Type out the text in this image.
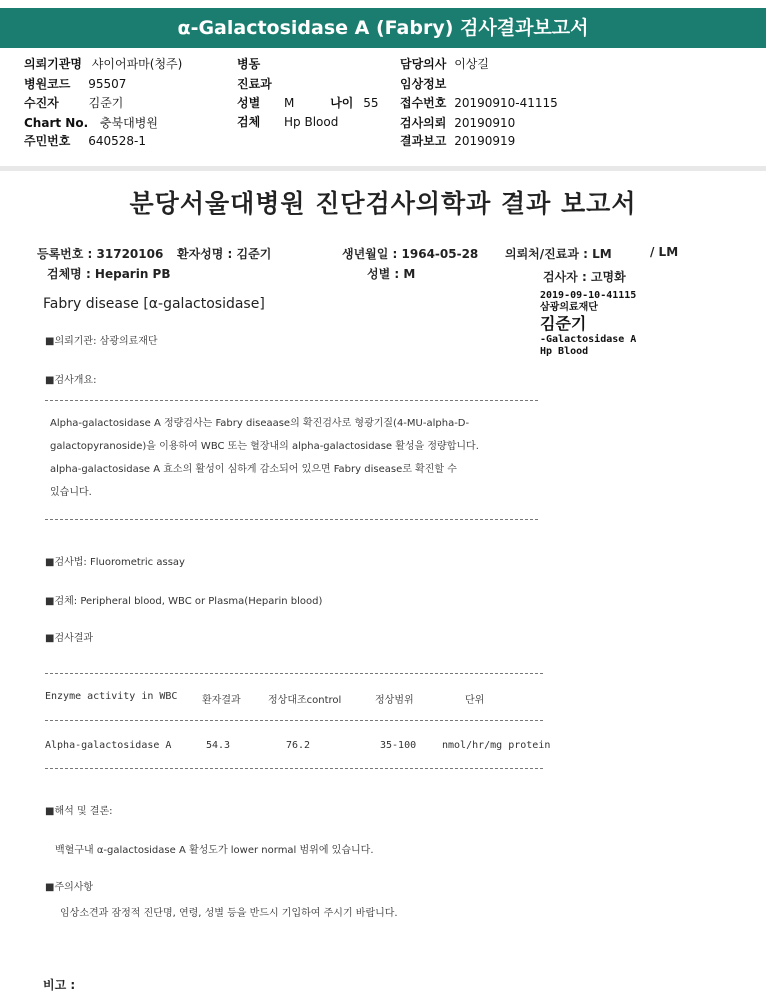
α-Galactosidase A (Fabry) 검사결과보고서
의뢰기관명 샤이어파마(청주)
병원코드 95507
수진자 김준기
Chart No. 충북대병원
주민번호 640528-1
병동
진료과
성별 M	나이 55
검체 Hp Blood
담당의사 이상길
임상정보
접수번호 20190910-41115
검사의뢰 20190910
결과보고 20190919
분당서울대병원 진단검사의학과 결과 보고서
등록번호 : 31720106 환자성명 : 김준기	생년월일 : 1964-05-28 의뢰처/진료과 : LM	/ LM
검체명 : Heparin PB	성별 : M	검사자 : 고명화
Fabry disease [α-galactosidase]
2019-09-10-41115
삼광의료재단
김준기
-Galactosidase A
Hp Blood
■의뢰기관: 삼광의료재단
■검사개요:
Alpha-galactosidase A 정량검사는 Fabry diseaase의 확진검사로 형광기질(4-MU-alpha-D-
galactopyranoside)을 이용하여 WBC 또는 혈장내의 alpha-galactosidase 활성을 정량합니다.
alpha-galactosidase A 효소의 활성이 심하게 감소되어 있으면 Fabry disease로 확진할 수
있습니다.
■검사법: Fluorometric assay
■검체: Peripheral blood, WBC or Plasma(Heparin blood)
■검사결과
Enzyme activity in WBC 환자결과	정상대조control	정상범위	단위
Alpha-galactosidase A	54.3	76.2	35-100	nmol/hr/mg protein
■해석 및 결론:
백혈구내 α-galactosidase A 활성도가 lower normal 범위에 있습니다.
■주의사항
임상소견과 잠정적 진단명, 연령, 성별 등을 반드시 기입하여 주시기 바랍니다.
비고 :
